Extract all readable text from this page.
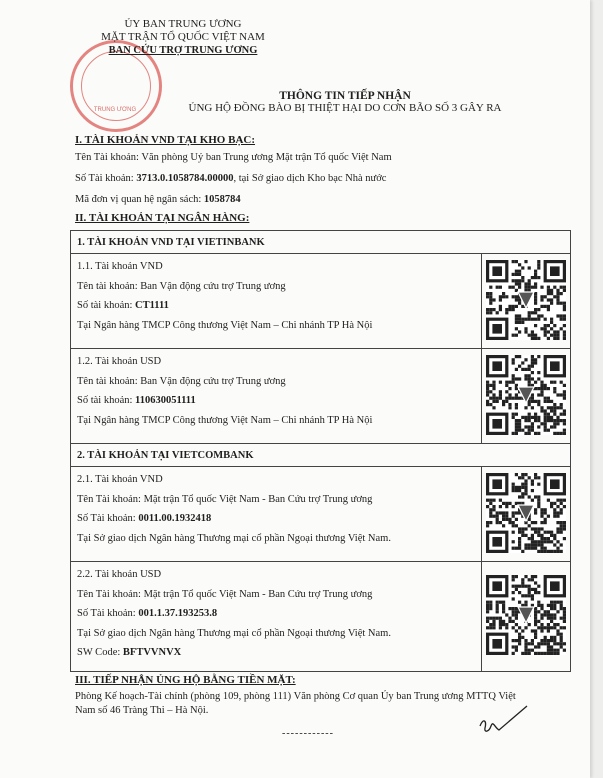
TRUNG ƯƠNG
ỦY BAN TRUNG ƯƠNG
MẶT TRẬN TỔ QUỐC VIỆT NAM
BAN CỨU TRỢ TRUNG ƯƠNG
THÔNG TIN TIẾP NHẬN
ỦNG HỘ ĐỒNG BÀO BỊ THIỆT HẠI DO CƠN BÃO SỐ 3 GÂY RA
I. TÀI KHOẢN VND TẠI KHO BẠC:
Tên Tài khoản: Văn phòng Uỷ ban Trung ương Mặt trận Tổ quốc Việt Nam
Số Tài khoản: 3713.0.1058784.00000, tại Sở giao dịch Kho bạc Nhà nước
Mã đơn vị quan hệ ngân sách: 1058784
II. TÀI KHOẢN TẠI NGÂN HÀNG:
1. TÀI KHOẢN VND TẠI VIETINBANK	

1.1. Tài khoản VND
Tên tài khoản: Ban Vận động cứu trợ Trung ương
Số tài khoản: CT1111
Tại Ngân hàng TMCP Công thương Việt Nam – Chi nhánh TP Hà Nội

1.2. Tài khoản USD
Tên tài khoản: Ban Vận động cứu trợ Trung ương
Số tài khoản: 110630051111
Tại Ngân hàng TMCP Công thương Việt Nam – Chi nhánh TP Hà Nội

2. TÀI KHOẢN TẠI VIETCOMBANK	

2.1. Tài khoản VND
Tên Tài khoản: Mặt trận Tổ quốc Việt Nam - Ban Cứu trợ Trung ương
Số Tài khoản: 0011.00.1932418
Tại Sở giao dịch Ngân hàng Thương mại cổ phần Ngoại thương Việt Nam.

2.2. Tài khoản USD
Tên Tài khoản: Mặt trận Tổ quốc Việt Nam - Ban Cứu trợ Trung ương
Số Tài khoản: 001.1.37.193253.8
Tại Sở giao dịch Ngân hàng Thương mại cổ phần Ngoại thương Việt Nam.
SW Code: BFTVVNVX

III. TIẾP NHẬN ỦNG HỘ BẰNG TIỀN MẶT:
Phòng Kế hoạch-Tài chính (phòng 109, phòng 111) Văn phòng Cơ quan Ủy ban Trung ương MTTQ Việt Nam số 46 Tràng Thi – Hà Nội.
------------
